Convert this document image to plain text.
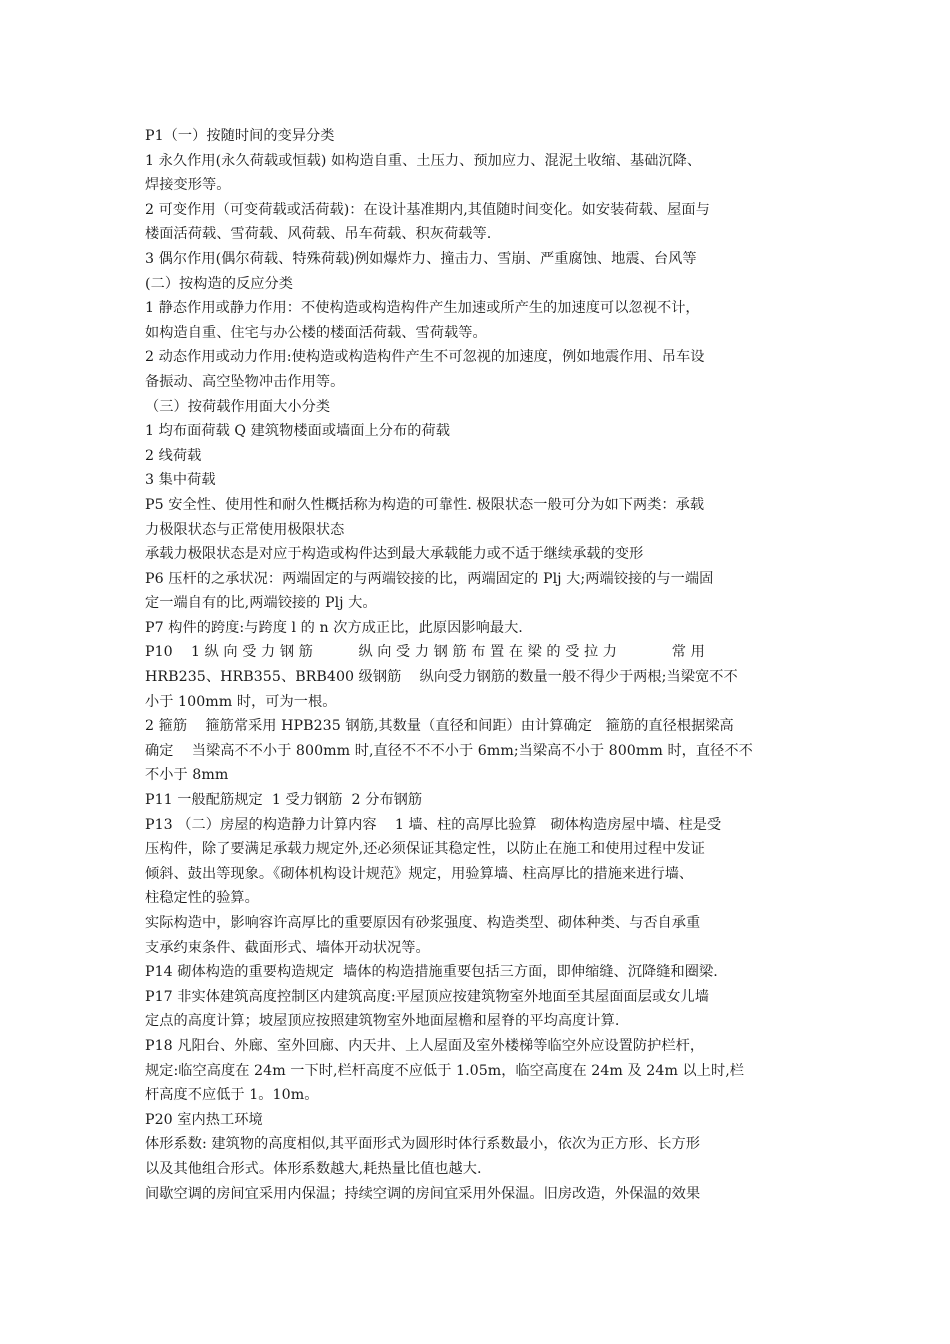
P1（一）按随时间的变异分类
1 永久作用(永久荷载或恒载) 如构造自重、土压力、预加应力、混泥土收缩、基础沉降、
焊接变形等。
2 可变作用（可变荷载或活荷载)：在设计基准期内,其值随时间变化。如安装荷载、屋面与
楼面活荷载、雪荷载、风荷载、吊车荷载、积灰荷载等.
3 偶尔作用(偶尔荷载、特殊荷载)例如爆炸力、撞击力、雪崩、严重腐蚀、地震、台风等
(二）按构造的反应分类
1 静态作用或静力作用：不使构造或构造构件产生加速或所产生的加速度可以忽视不计，
如构造自重、住宅与办公楼的楼面活荷载、雪荷载等。
2 动态作用或动力作用:使构造或构造构件产生不可忽视的加速度，例如地震作用、吊车设
备振动、高空坠物冲击作用等。
（三）按荷载作用面大小分类
1 均布面荷载 Q 建筑物楼面或墙面上分布的荷载
2 线荷载
3 集中荷载
P5 安全性、使用性和耐久性概括称为构造的可靠性. 极限状态一般可分为如下两类：承载
力极限状态与正常使用极限状态
承载力极限状态是对应于构造或构件达到最大承载能力或不适于继续承载的变形
P6 压杆的之承状况：两端固定的与两端铰接的比，两端固定的 Plj 大;两端铰接的与一端固
定一端自有的比,两端铰接的 Plj 大。
P7 构件的跨度:与跨度 l 的 n 次方成正比，此原因影响最大.
P10    1 纵 向 受 力 钢 筋          纵 向 受 力 钢 筋 布 置 在 梁 的 受 拉 力            常 用
HRB235、HRB355、BRB400 级钢筋    纵向受力钢筋的数量一般不得少于两根;当梁宽不不
小于 100mm 时，可为一根。
2 箍筋    箍筋常采用 HPB235 钢筋,其数量（直径和间距）由计算确定   箍筋的直径根据梁高
确定    当梁高不不小于 800mm 时,直径不不不小于 6mm;当梁高不小于 800mm 时，直径不不
不小于 8mm
P11 一般配筋规定  1 受力钢筋  2 分布钢筋
P13 （二）房屋的构造静力计算内容    1 墙、柱的高厚比验算   砌体构造房屋中墙、柱是受
压构件，除了要满足承载力规定外,还必须保证其稳定性，以防止在施工和使用过程中发证
倾斜、鼓出等现象。《砌体机构设计规范》规定，用验算墙、柱高厚比的措施来进行墙、
柱稳定性的验算。
实际构造中，影响容许高厚比的重要原因有砂浆强度、构造类型、砌体种类、与否自承重
支承约束条件、截面形式、墙体开动状况等。
P14 砌体构造的重要构造规定  墙体的构造措施重要包括三方面，即伸缩缝、沉降缝和圈梁.
P17 非实体建筑高度控制区内建筑高度:平屋顶应按建筑物室外地面至其屋面面层或女儿墙
定点的高度计算；坡屋顶应按照建筑物室外地面屋檐和屋脊的平均高度计算.
P18 凡阳台、外廊、室外回廊、内天井、上人屋面及室外楼梯等临空外应设置防护栏杆，
规定:临空高度在 24m 一下时,栏杆高度不应低于 1.05m，临空高度在 24m 及 24m 以上时,栏
杆高度不应低于 1。10m。
P20 室内热工环境
体形系数: 建筑物的高度相似,其平面形式为圆形时体行系数最小，依次为正方形、长方形
以及其他组合形式。体形系数越大,耗热量比值也越大.
间歇空调的房间宜采用内保温；持续空调的房间宜采用外保温。旧房改造，外保温的效果
